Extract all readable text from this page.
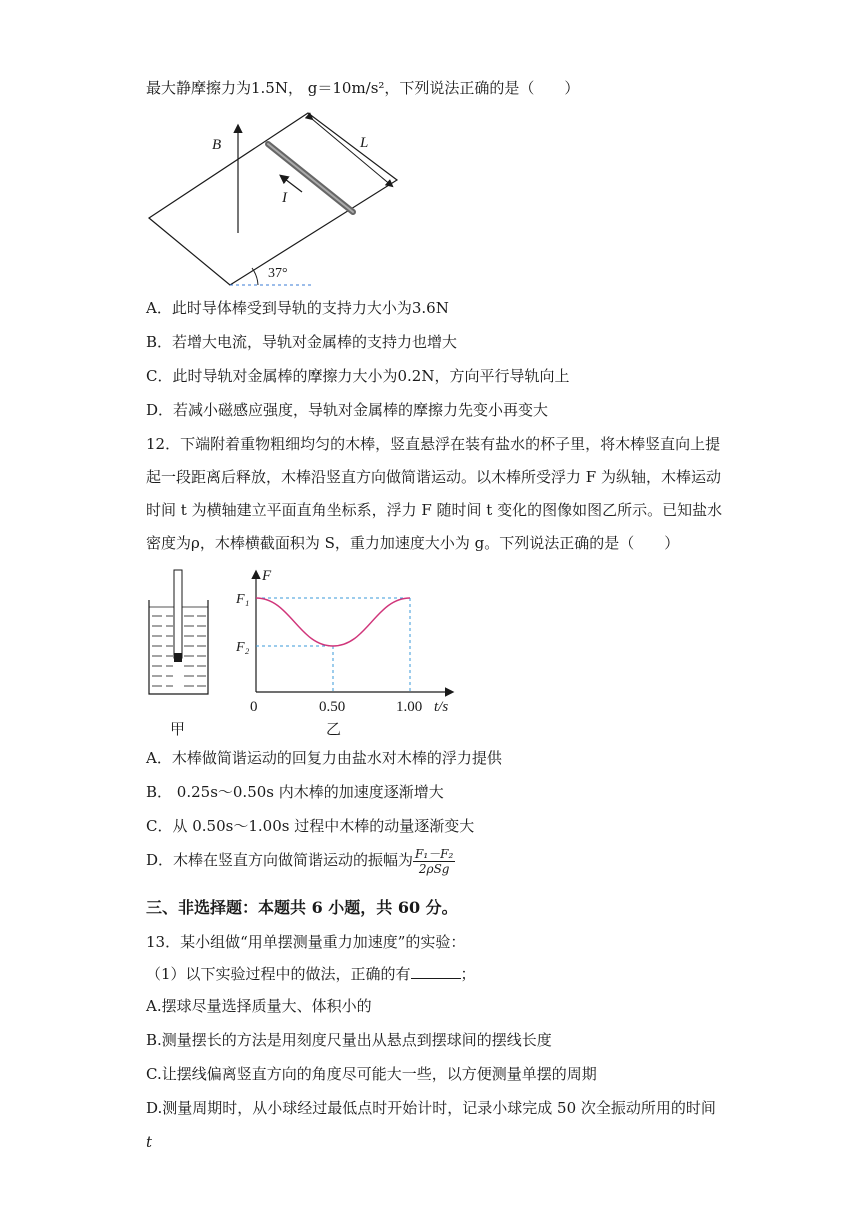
最大静摩擦力为1.5N， g＝10m/s²，下列说法正确的是（　　）
37°
B
I
L
A．此时导体棒受到导轨的支持力大小为3.6N
B．若增大电流，导轨对金属棒的支持力也增大
C．此时导轨对金属棒的摩擦力大小为0.2N，方向平行导轨向上
D．若减小磁感应强度，导轨对金属棒的摩擦力先变小再变大
12．下端附着重物粗细均匀的木棒，竖直悬浮在装有盐水的杯子里，将木棒竖直向上提
起一段距离后释放，木棒沿竖直方向做简谐运动。以木棒所受浮力 F 为纵轴，木棒运动
时间 t 为横轴建立平面直角坐标系，浮力 F 随时间 t 变化的图像如图乙所示。已知盐水
密度为ρ，木棒横截面积为 S，重力加速度大小为 g。下列说法正确的是（　　）
甲
F
F₁
F₂
0	0.50	1.00 t/s
乙
A．木棒做简谐运动的回复力由盐水对木棒的浮力提供
B． 0.25s～0.50s 内木棒的加速度逐渐增大
C．从 0.50s～1.00s 过程中木棒的动量逐渐变大
D．木棒在竖直方向做简谐运动的振幅为 $\frac{\text{F₁－F₂}}{\text{2ρSg}}$
三、非选择题：本题共 6 小题，共 60 分。
13．某小组做“用单摆测量重力加速度”的实验：
（1）以下实验过程中的做法，正确的有	；
A.摆球尽量选择质量大、体积小的
B.测量摆长的方法是用刻度尺量出从悬点到摆球间的摆线长度
C.让摆线偏离竖直方向的角度尽可能大一些，以方便测量单摆的周期
D.测量周期时，从小球经过最低点时开始计时，记录小球完成 50 次全振动所用的时间
t
